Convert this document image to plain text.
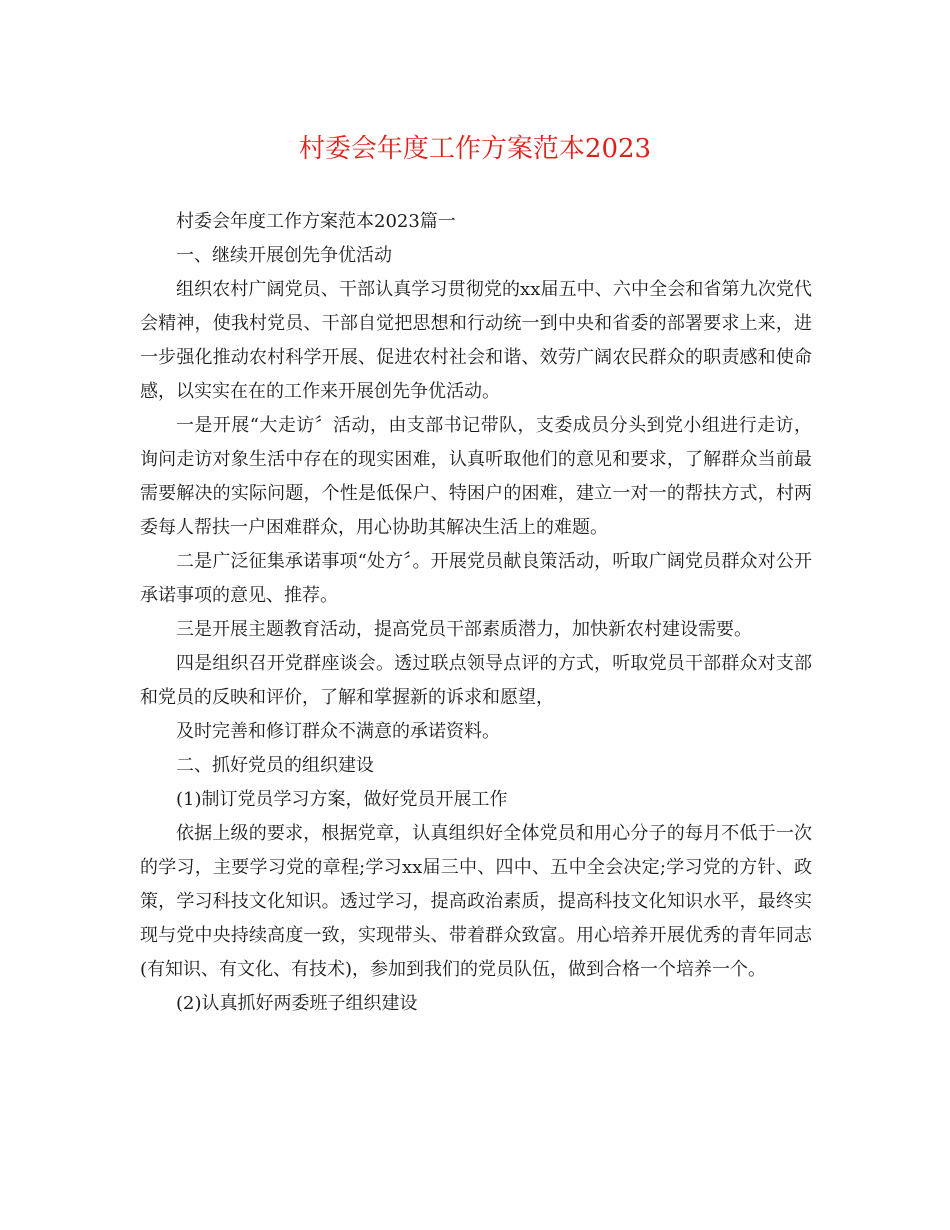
村委会年度工作方案范本2023

村委会年度工作方案范本2023篇一

一、继续开展创先争优活动

组织农村广阔党员、干部认真学习贯彻党的xx届五中、六中全会和省第九次党代会精神，使我村党员、干部自觉把思想和行动统一到中央和省委的部署要求上来，进一步强化推动农村科学开展、促进农村社会和谐、效劳广阔农民群众的职责感和使命感，以实实在在的工作来开展创先争优活动。

一是开展“大走访〞活动，由支部书记带队，支委成员分头到党小组进行走访，询问走访对象生活中存在的现实困难，认真听取他们的意见和要求，了解群众当前最需要解决的实际问题，个性是低保户、特困户的困难，建立一对一的帮扶方式，村两委每人帮扶一户困难群众，用心协助其解决生活上的难题。

二是广泛征集承诺事项“处方〞。开展党员献良策活动，听取广阔党员群众对公开承诺事项的意见、推荐。

三是开展主题教育活动，提高党员干部素质潜力，加快新农村建设需要。

四是组织召开党群座谈会。透过联点领导点评的方式，听取党员干部群众对支部和党员的反映和评价，了解和掌握新的诉求和愿望，

及时完善和修订群众不满意的承诺资料。

二、抓好党员的组织建设

(1)制订党员学习方案，做好党员开展工作

依据上级的要求，根据党章，认真组织好全体党员和用心分子的每月不低于一次的学习，主要学习党的章程;学习xx届三中、四中、五中全会决定;学习党的方针、政策，学习科技文化知识。透过学习，提高政治素质，提高科技文化知识水平，最终实现与党中央持续高度一致，实现带头、带着群众致富。用心培养开展优秀的青年同志(有知识、有文化、有技术)，参加到我们的党员队伍，做到合格一个培养一个。

(2)认真抓好两委班子组织建设
